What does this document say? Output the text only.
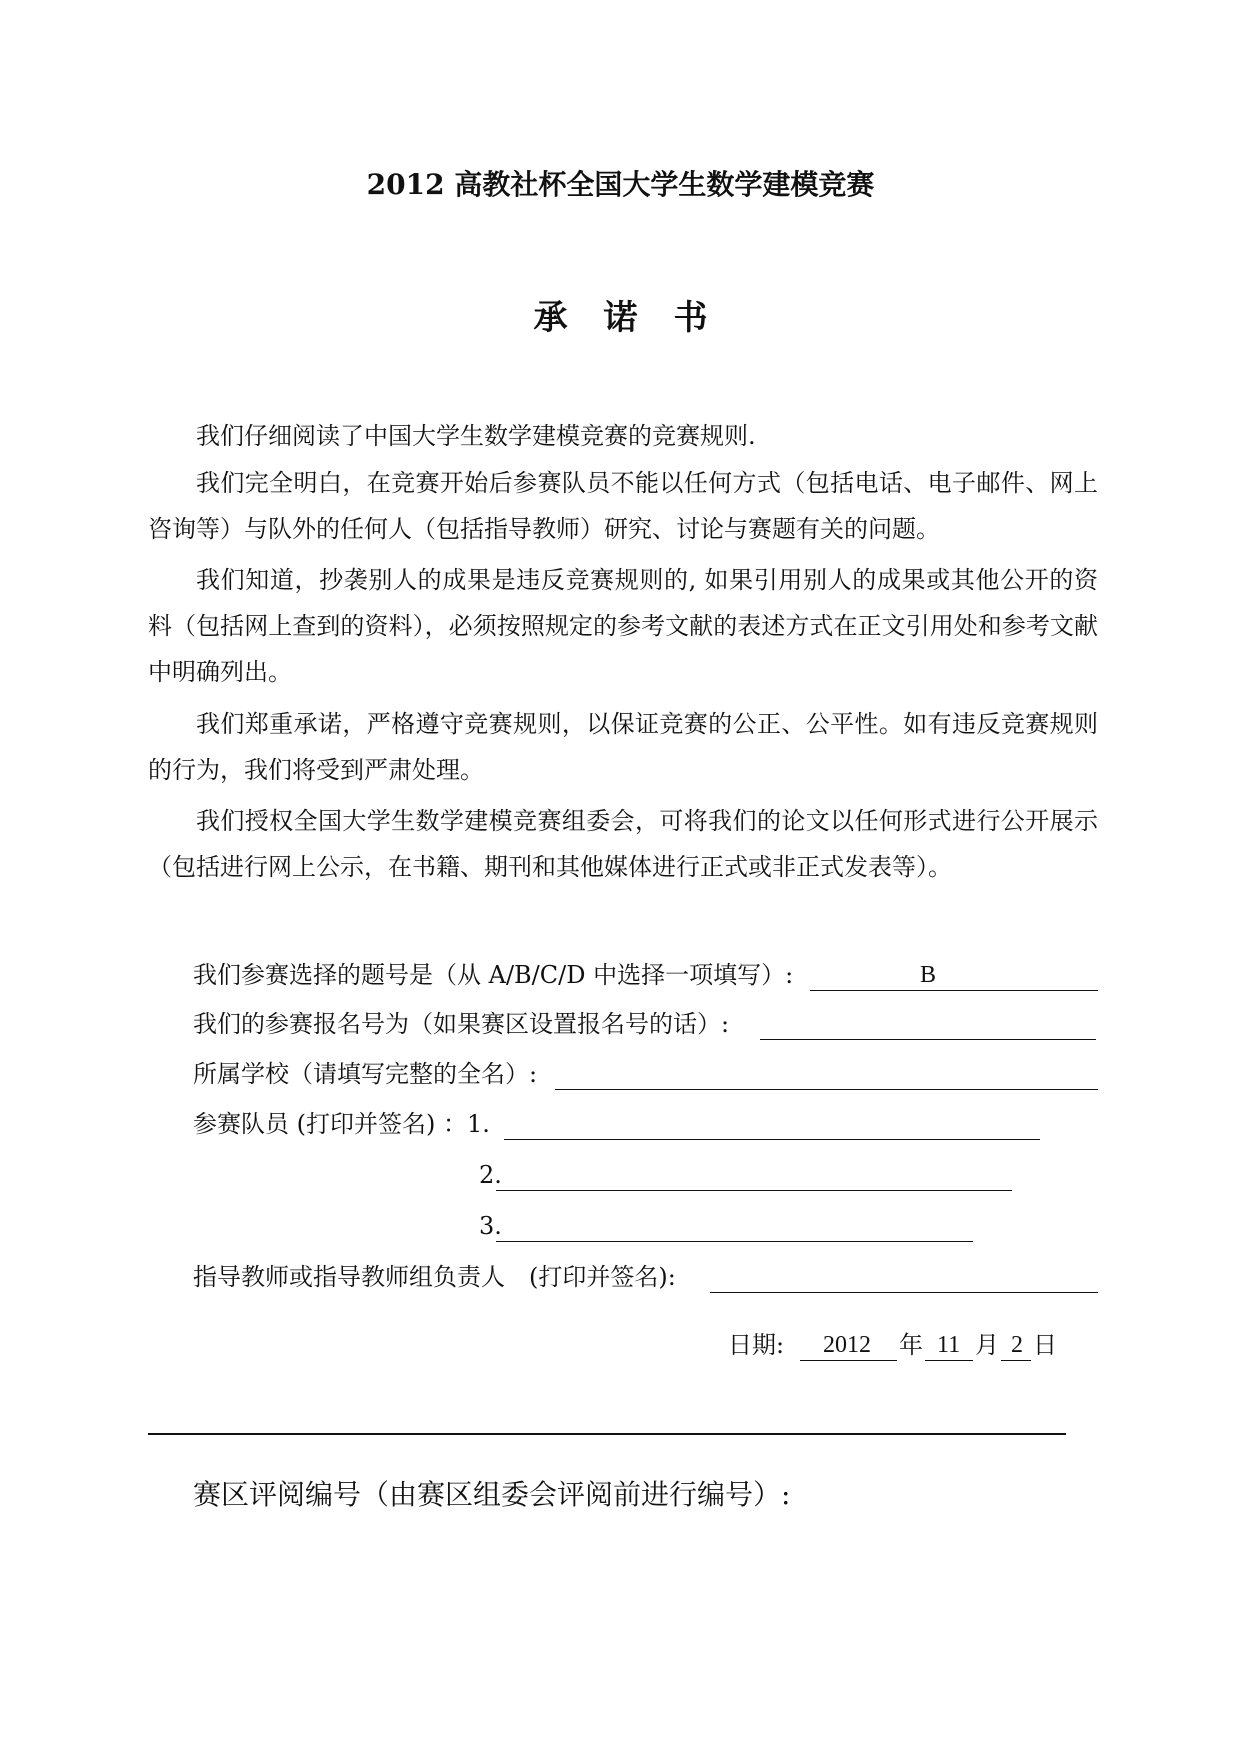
2012 高教社杯全国大学生数学建模竞赛
承 诺 书
我们仔细阅读了中国大学生数学建模竞赛的竞赛规则.
我们完全明白，在竞赛开始后参赛队员不能以任何方式（包括电话、电子邮件、网上咨询等）与队外的任何人（包括指导教师）研究、讨论与赛题有关的问题。
我们知道，抄袭别人的成果是违反竞赛规则的, 如果引用别人的成果或其他公开的资料（包括网上查到的资料），必须按照规定的参考文献的表述方式在正文引用处和参考文献中明确列出。
我们郑重承诺，严格遵守竞赛规则，以保证竞赛的公正、公平性。如有违反竞赛规则的行为，我们将受到严肃处理。
我们授权全国大学生数学建模竞赛组委会，可将我们的论文以任何形式进行公开展示（包括进行网上公示，在书籍、期刊和其他媒体进行正式或非正式发表等）。
我们参赛选择的题号是（从 A/B/C/D 中选择一项填写）:	B
我们的参赛报名号为（如果赛区设置报名号的话）:
所属学校（请填写完整的全名）:
参赛队员 (打印并签名) ：1.
2.
3.
指导教师或指导教师组负责人　(打印并签名):
日期: 2012 年 11 月 2 日
赛区评阅编号（由赛区组委会评阅前进行编号）:
